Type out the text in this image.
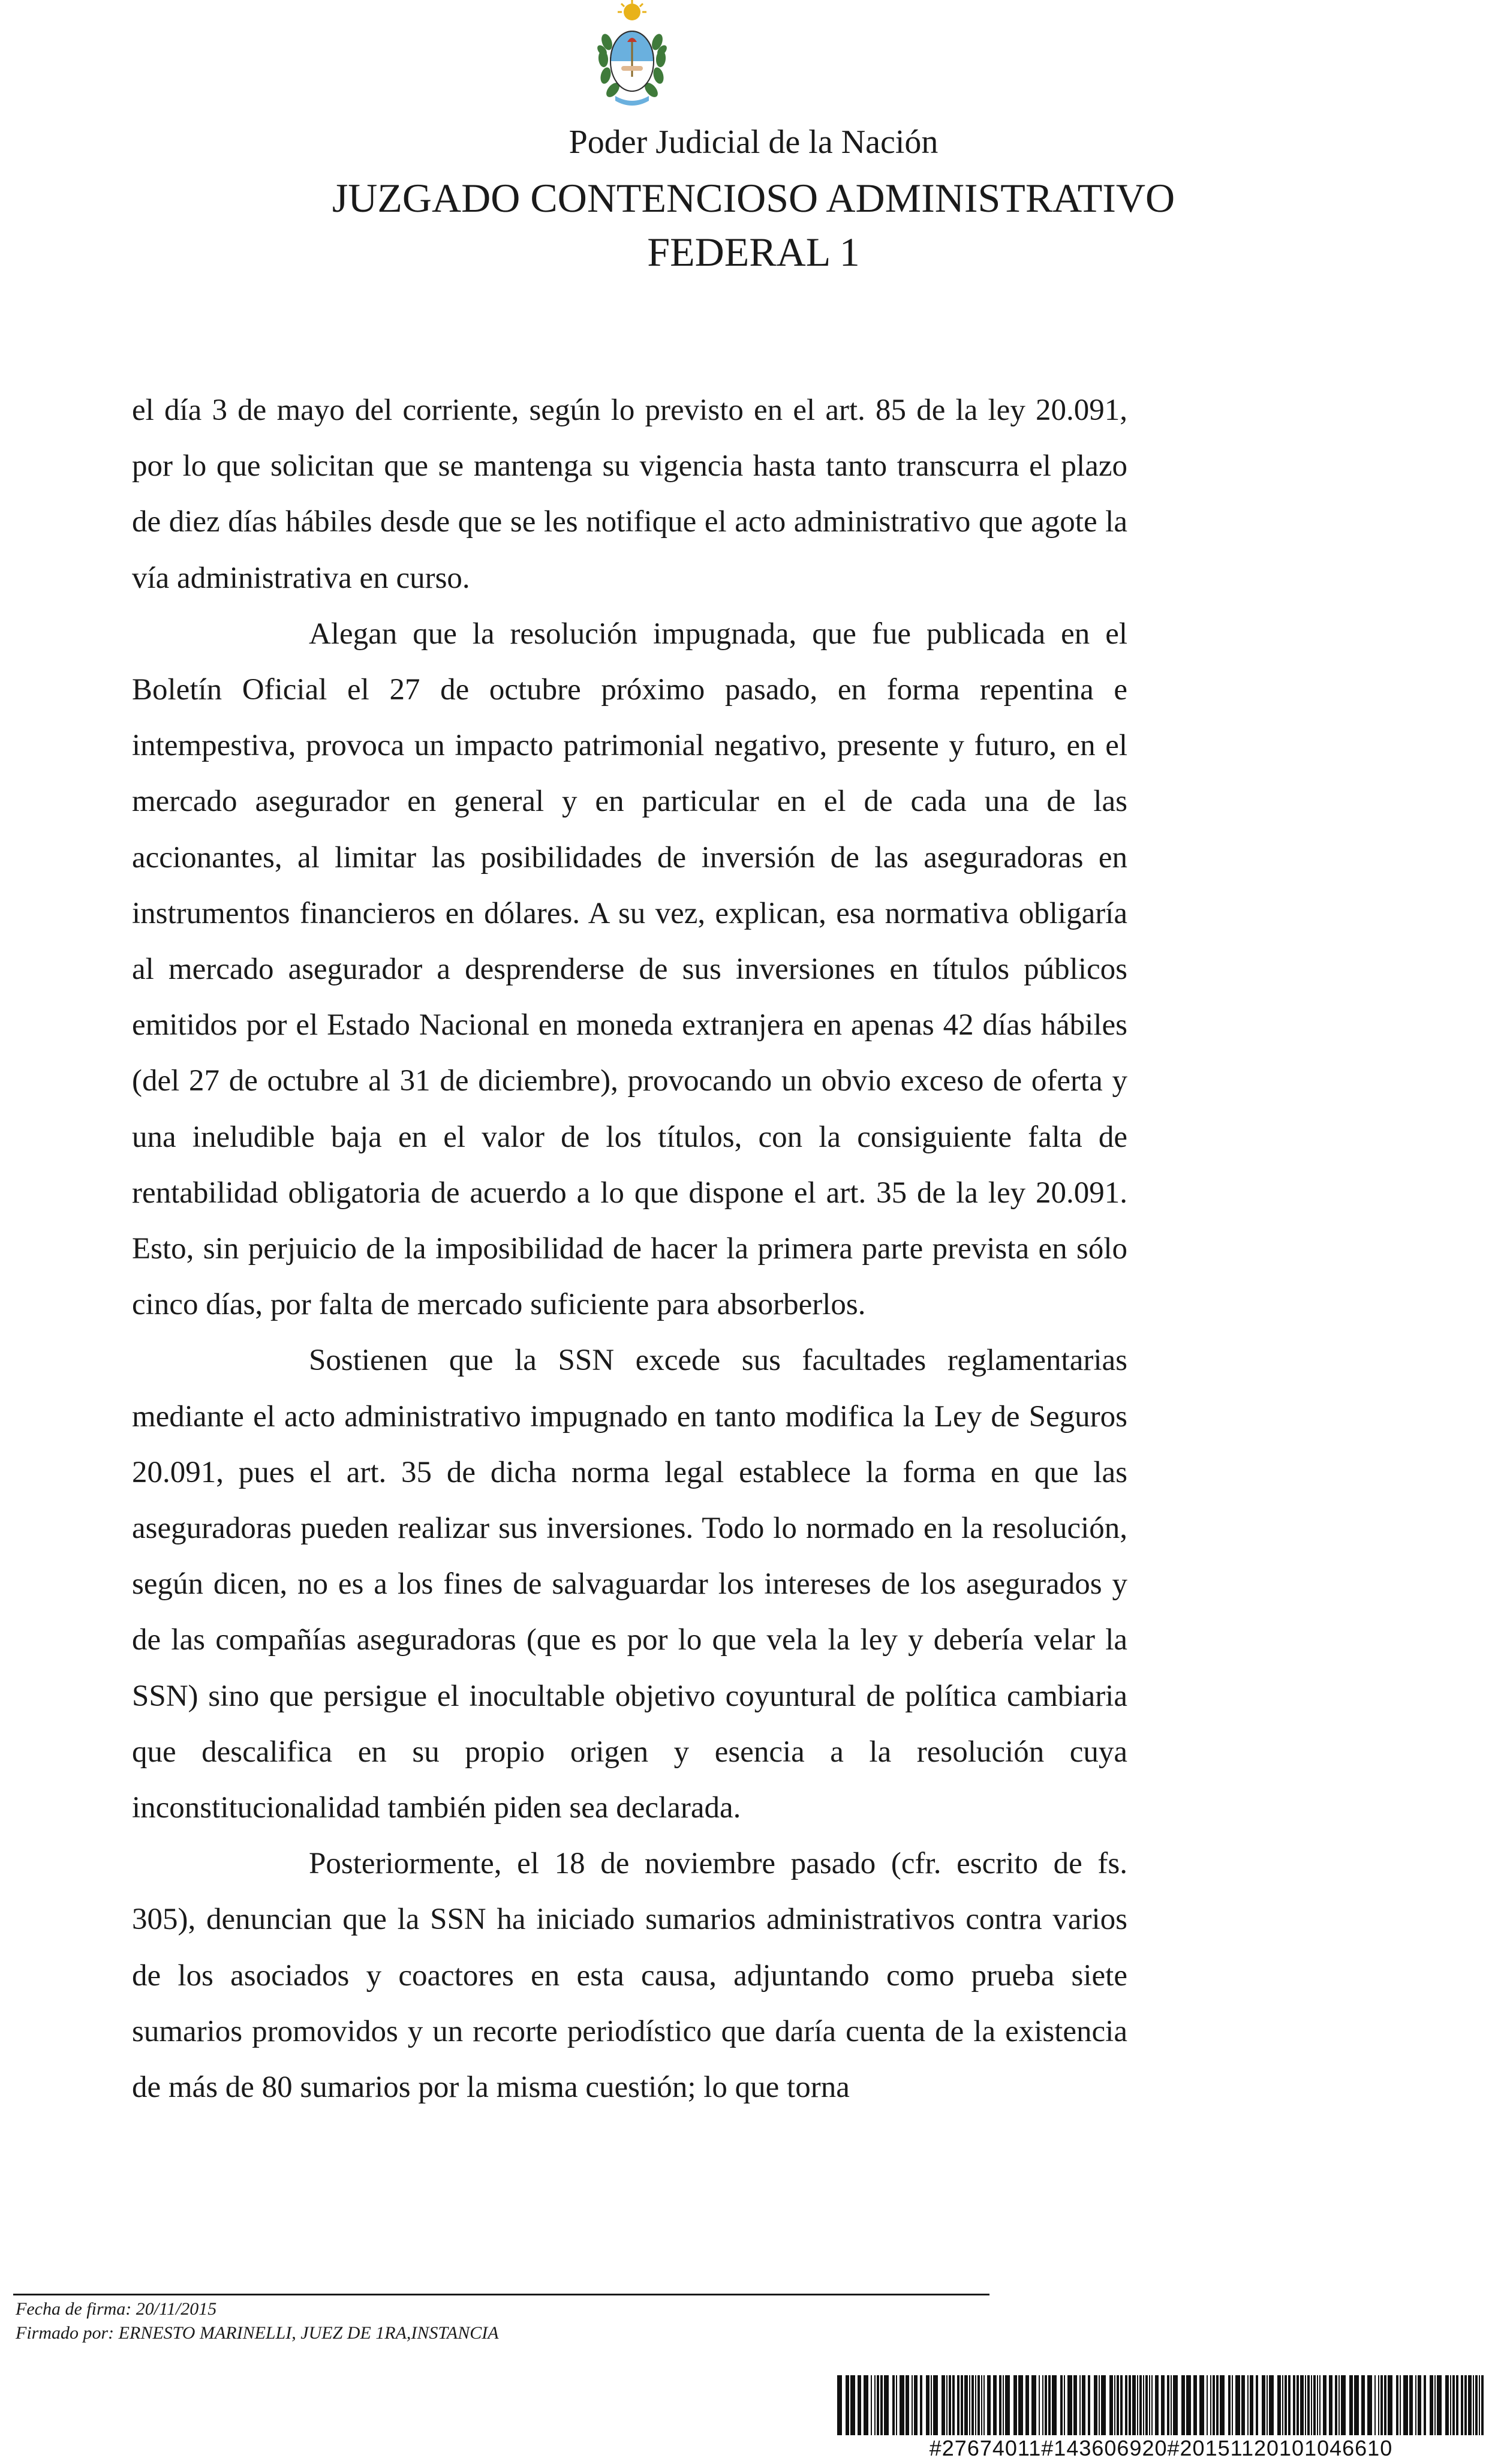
Poder Judicial de la Nación
JUZGADO CONTENCIOSO ADMINISTRATIVO
FEDERAL 1

el día 3 de mayo del corriente, según lo previsto en el art. 85 de la ley 20.091, por lo que solicitan que se mantenga su vigencia hasta tanto transcurra el plazo de diez días hábiles desde que se les notifique el acto administrativo que agote la vía administrativa en curso.

Alegan que la resolución impugnada, que fue publicada en el Boletín Oficial el 27 de octubre próximo pasado, en forma repentina e intempestiva, provoca un impacto patrimonial negativo, presente y futuro, en el mercado asegurador en general y en particular en el de cada una de las accionantes, al limitar las posibilidades de inversión de las aseguradoras en instrumentos financieros en dólares. A su vez, explican, esa normativa obligaría al mercado asegurador a desprenderse de sus inversiones en títulos públicos emitidos por el Estado Nacional en moneda extranjera en apenas 42 días hábiles (del 27 de octubre al 31 de diciembre), provocando un obvio exceso de oferta y una ineludible baja en el valor de los títulos, con la consiguiente falta de rentabilidad obligatoria de acuerdo a lo que dispone el art. 35 de la ley 20.091. Esto, sin perjuicio de la imposibilidad de hacer la primera parte prevista en sólo cinco días, por falta de mercado suficiente para absorberlos.

Sostienen que la SSN excede sus facultades reglamentarias mediante el acto administrativo impugnado en tanto modifica la Ley de Seguros 20.091, pues el art. 35 de dicha norma legal establece la forma en que las aseguradoras pueden realizar sus inversiones. Todo lo normado en la resolución, según dicen, no es a los fines de salvaguardar los intereses de los asegurados y de las compañías aseguradoras (que es por lo que vela la ley y debería velar la SSN) sino que persigue el inocultable objetivo coyuntural de política cambiaria que descalifica en su propio origen y esencia a la resolución cuya inconstitucionalidad también piden sea declarada.

Posteriormente, el 18 de noviembre pasado (cfr. escrito de fs. 305), denuncian que la SSN ha iniciado sumarios administrativos contra varios de los asociados y coactores en esta causa, adjuntando como prueba siete sumarios promovidos y un recorte periodístico que daría cuenta de la existencia de más de 80 sumarios por la misma cuestión; lo que torna

Fecha de firma: 20/11/2015
Firmado por: ERNESTO MARINELLI, JUEZ DE 1RA,INSTANCIA
#27674011#143606920#20151120101046610
